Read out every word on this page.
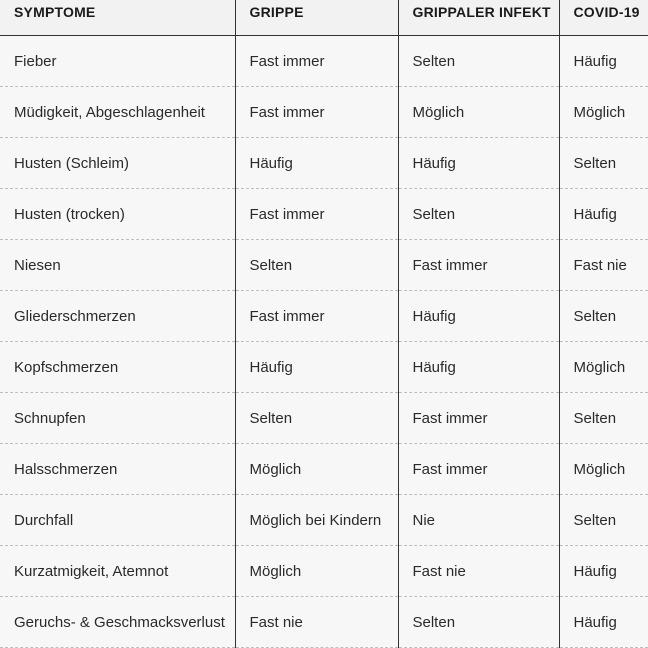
SYMPTOME	GRIPPE	GRIPPALER INFEKT	COVID-19
Fieber	Fast immer	Selten	Häufig
Müdigkeit, Abgeschlagenheit	Fast immer	Möglich	Möglich
Husten (Schleim)	Häufig	Häufig	Selten
Husten (trocken)	Fast immer	Selten	Häufig
Niesen	Selten	Fast immer	Fast nie
Gliederschmerzen	Fast immer	Häufig	Selten
Kopfschmerzen	Häufig	Häufig	Möglich
Schnupfen	Selten	Fast immer	Selten
Halsschmerzen	Möglich	Fast immer	Möglich
Durchfall	Möglich bei Kindern	Nie	Selten
Kurzatmigkeit, Atemnot	Möglich	Fast nie	Häufig
Geruchs- & Geschmacksverlust	Fast nie	Selten	Häufig
